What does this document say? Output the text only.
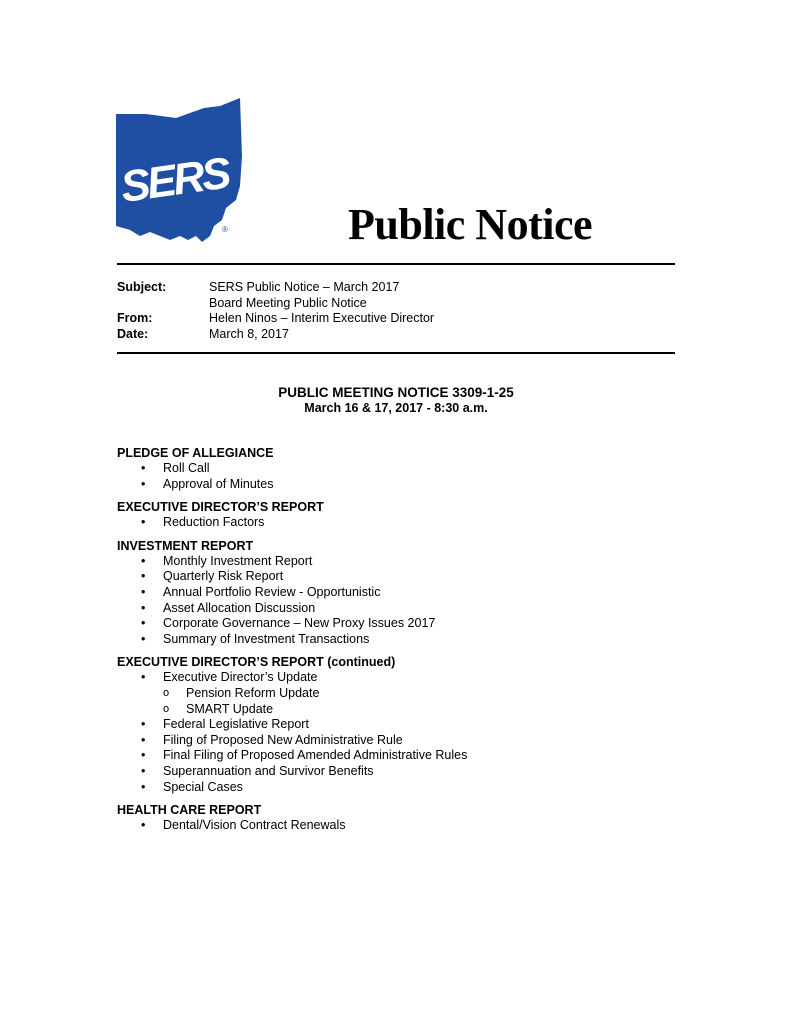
SERS
®	Public Notice
Subject:	SERS Public Notice – March 2017
Board Meeting Public Notice
From:	Helen Ninos – Interim Executive Director
Date:	March 8, 2017
PUBLIC MEETING NOTICE 3309-1-25
March 16 & 17, 2017 - 8:30 a.m.
PLEDGE OF ALLEGIANCE
• Roll Call
• Approval of Minutes
EXECUTIVE DIRECTOR’S REPORT
• Reduction Factors
INVESTMENT REPORT
• Monthly Investment Report
• Quarterly Risk Report
• Annual Portfolio Review - Opportunistic
• Asset Allocation Discussion
• Corporate Governance – New Proxy Issues 2017
• Summary of Investment Transactions
EXECUTIVE DIRECTOR’S REPORT (continued)
• Executive Director’s Update
o Pension Reform Update
o SMART Update
• Federal Legislative Report
• Filing of Proposed New Administrative Rule
• Final Filing of Proposed Amended Administrative Rules
• Superannuation and Survivor Benefits
• Special Cases
HEALTH CARE REPORT
• Dental/Vision Contract Renewals
